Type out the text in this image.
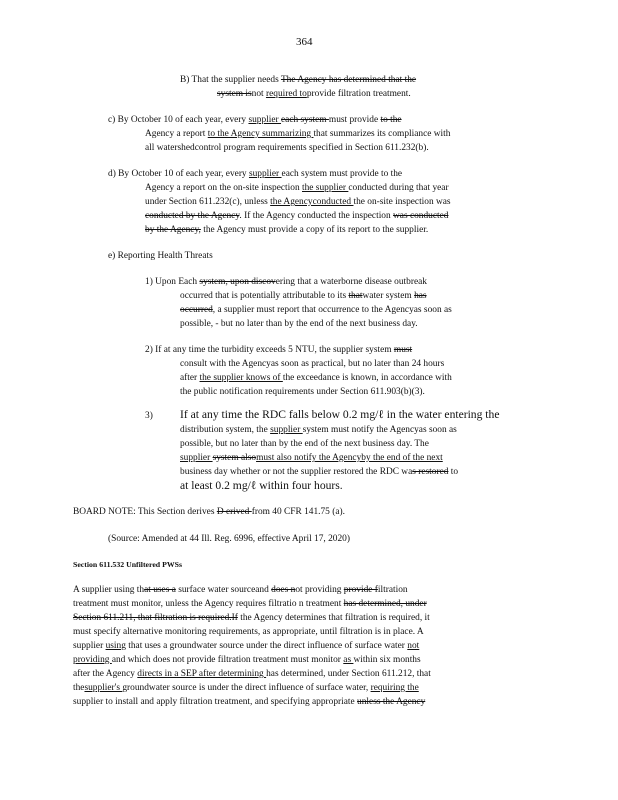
364
B) That the supplier needs The Agency has determined that the
system isnot required toprovide filtration treatment.
c) By October 10 of each year, every supplier each system must provide to the
Agency a report to the Agency summarizing that summarizes its compliance with
all watershedcontrol program requirements specified in Section 611.232(b).
d) By October 10 of each year, every supplier each system must provide to the
Agency a report on the on-site inspection the supplier conducted during that year
under Section 611.232(c), unless the Agencyconducted the on-site inspection was
conducted by the Agency. If the Agency conducted the inspection was conducted
by the Agency, the Agency must provide a copy of its report to the supplier.
e) Reporting Health Threats
1) Upon Each system, upon discovering that a waterborne disease outbreak
occurred that is potentially attributable to its thatwater system has
occurred, a supplier must report that occurrence to the Agencyas soon as
possible, - but no later than by the end of the next business day.
2) If at any time the turbidity exceeds 5 NTU, the supplier system must
consult with the Agencyas soon as practical, but no later than 24 hours
after the supplier knows of the exceedance is known, in accordance with
the public notification requirements under Section 611.903(b)(3).
3) If at any time the RDC falls below 0.2 mg/ℓ in the water entering the
distribution system, the supplier system must notify the Agencyas soon as
possible, but no later than by the end of the next business day. The
supplier system alsomust also notify the Agencyby the end of the next
business day whether or not the supplier restored the RDC was restored to
at least 0.2 mg/ℓ within four hours.
BOARD NOTE: This Section derives D erived from 40 CFR 141.75 (a).
(Source: Amended at 44 Ill. Reg. 6996, effective April 17, 2020)
Section 611.532 Unfiltered PWSs
A supplier using that uses a surface water sourceand does not providing provide filtration
treatment must monitor, unless the Agency requires filtratio n treatment has determined, under
Section 611.211, that filtration is required.If the Agency determines that filtration is required, it
must specify alternative monitoring requirements, as appropriate, until filtration is in place. A
supplier using that uses a groundwater source under the direct influence of surface water not
providing and which does not provide filtration treatment must monitor as within six months
after the Agency directs in a SEP after determining has determined, under Section 611.212, that
thesupplier's groundwater source is under the direct influence of surface water, requiring the
supplier to install and apply filtration treatment, and specifying appropriate unless the Agency
